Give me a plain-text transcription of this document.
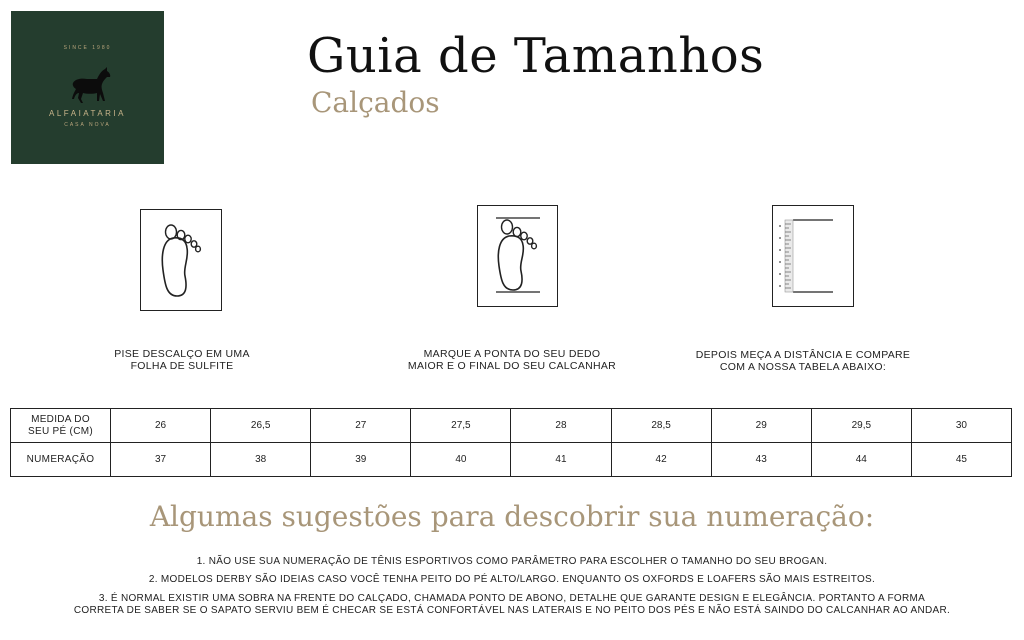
SINCE 1980
ALFAIATARIA
CASA NOVA
Guia de Tamanhos
Calçados
PISE DESCALÇO EM UMA
FOLHA DE SULFITE
MARQUE A PONTA DO SEU DEDO
MAIOR E O FINAL DO SEU CALCANHAR
DEPOIS MEÇA A DISTÂNCIA E COMPARE
COM A NOSSA TABELA ABAIXO:
MEDIDA DO
SEU PÉ (CM)	26	26,5	27	27,5	28	28,5	29	29,5	30
NUMERAÇÃO	37	38	39	40	41	42	43	44	45
Algumas sugestões para descobrir sua numeração:
1. NÃO USE SUA NUMERAÇÃO DE TÊNIS ESPORTIVOS COMO PARÂMETRO PARA ESCOLHER O TAMANHO DO SEU BROGAN.
2. MODELOS DERBY SÃO IDEIAS CASO VOCÊ TENHA PEITO DO PÉ ALTO/LARGO. ENQUANTO OS OXFORDS E LOAFERS SÃO MAIS ESTREITOS.
3. É NORMAL EXISTIR UMA SOBRA NA FRENTE DO CALÇADO, CHAMADA PONTO DE ABONO, DETALHE QUE GARANTE DESIGN E ELEGÂNCIA. PORTANTO A FORMA
CORRETA DE SABER SE O SAPATO SERVIU BEM É CHECAR SE ESTÁ CONFORTÁVEL NAS LATERAIS E NO PEITO DOS PÉS E NÃO ESTÁ SAINDO DO CALCANHAR AO ANDAR.
